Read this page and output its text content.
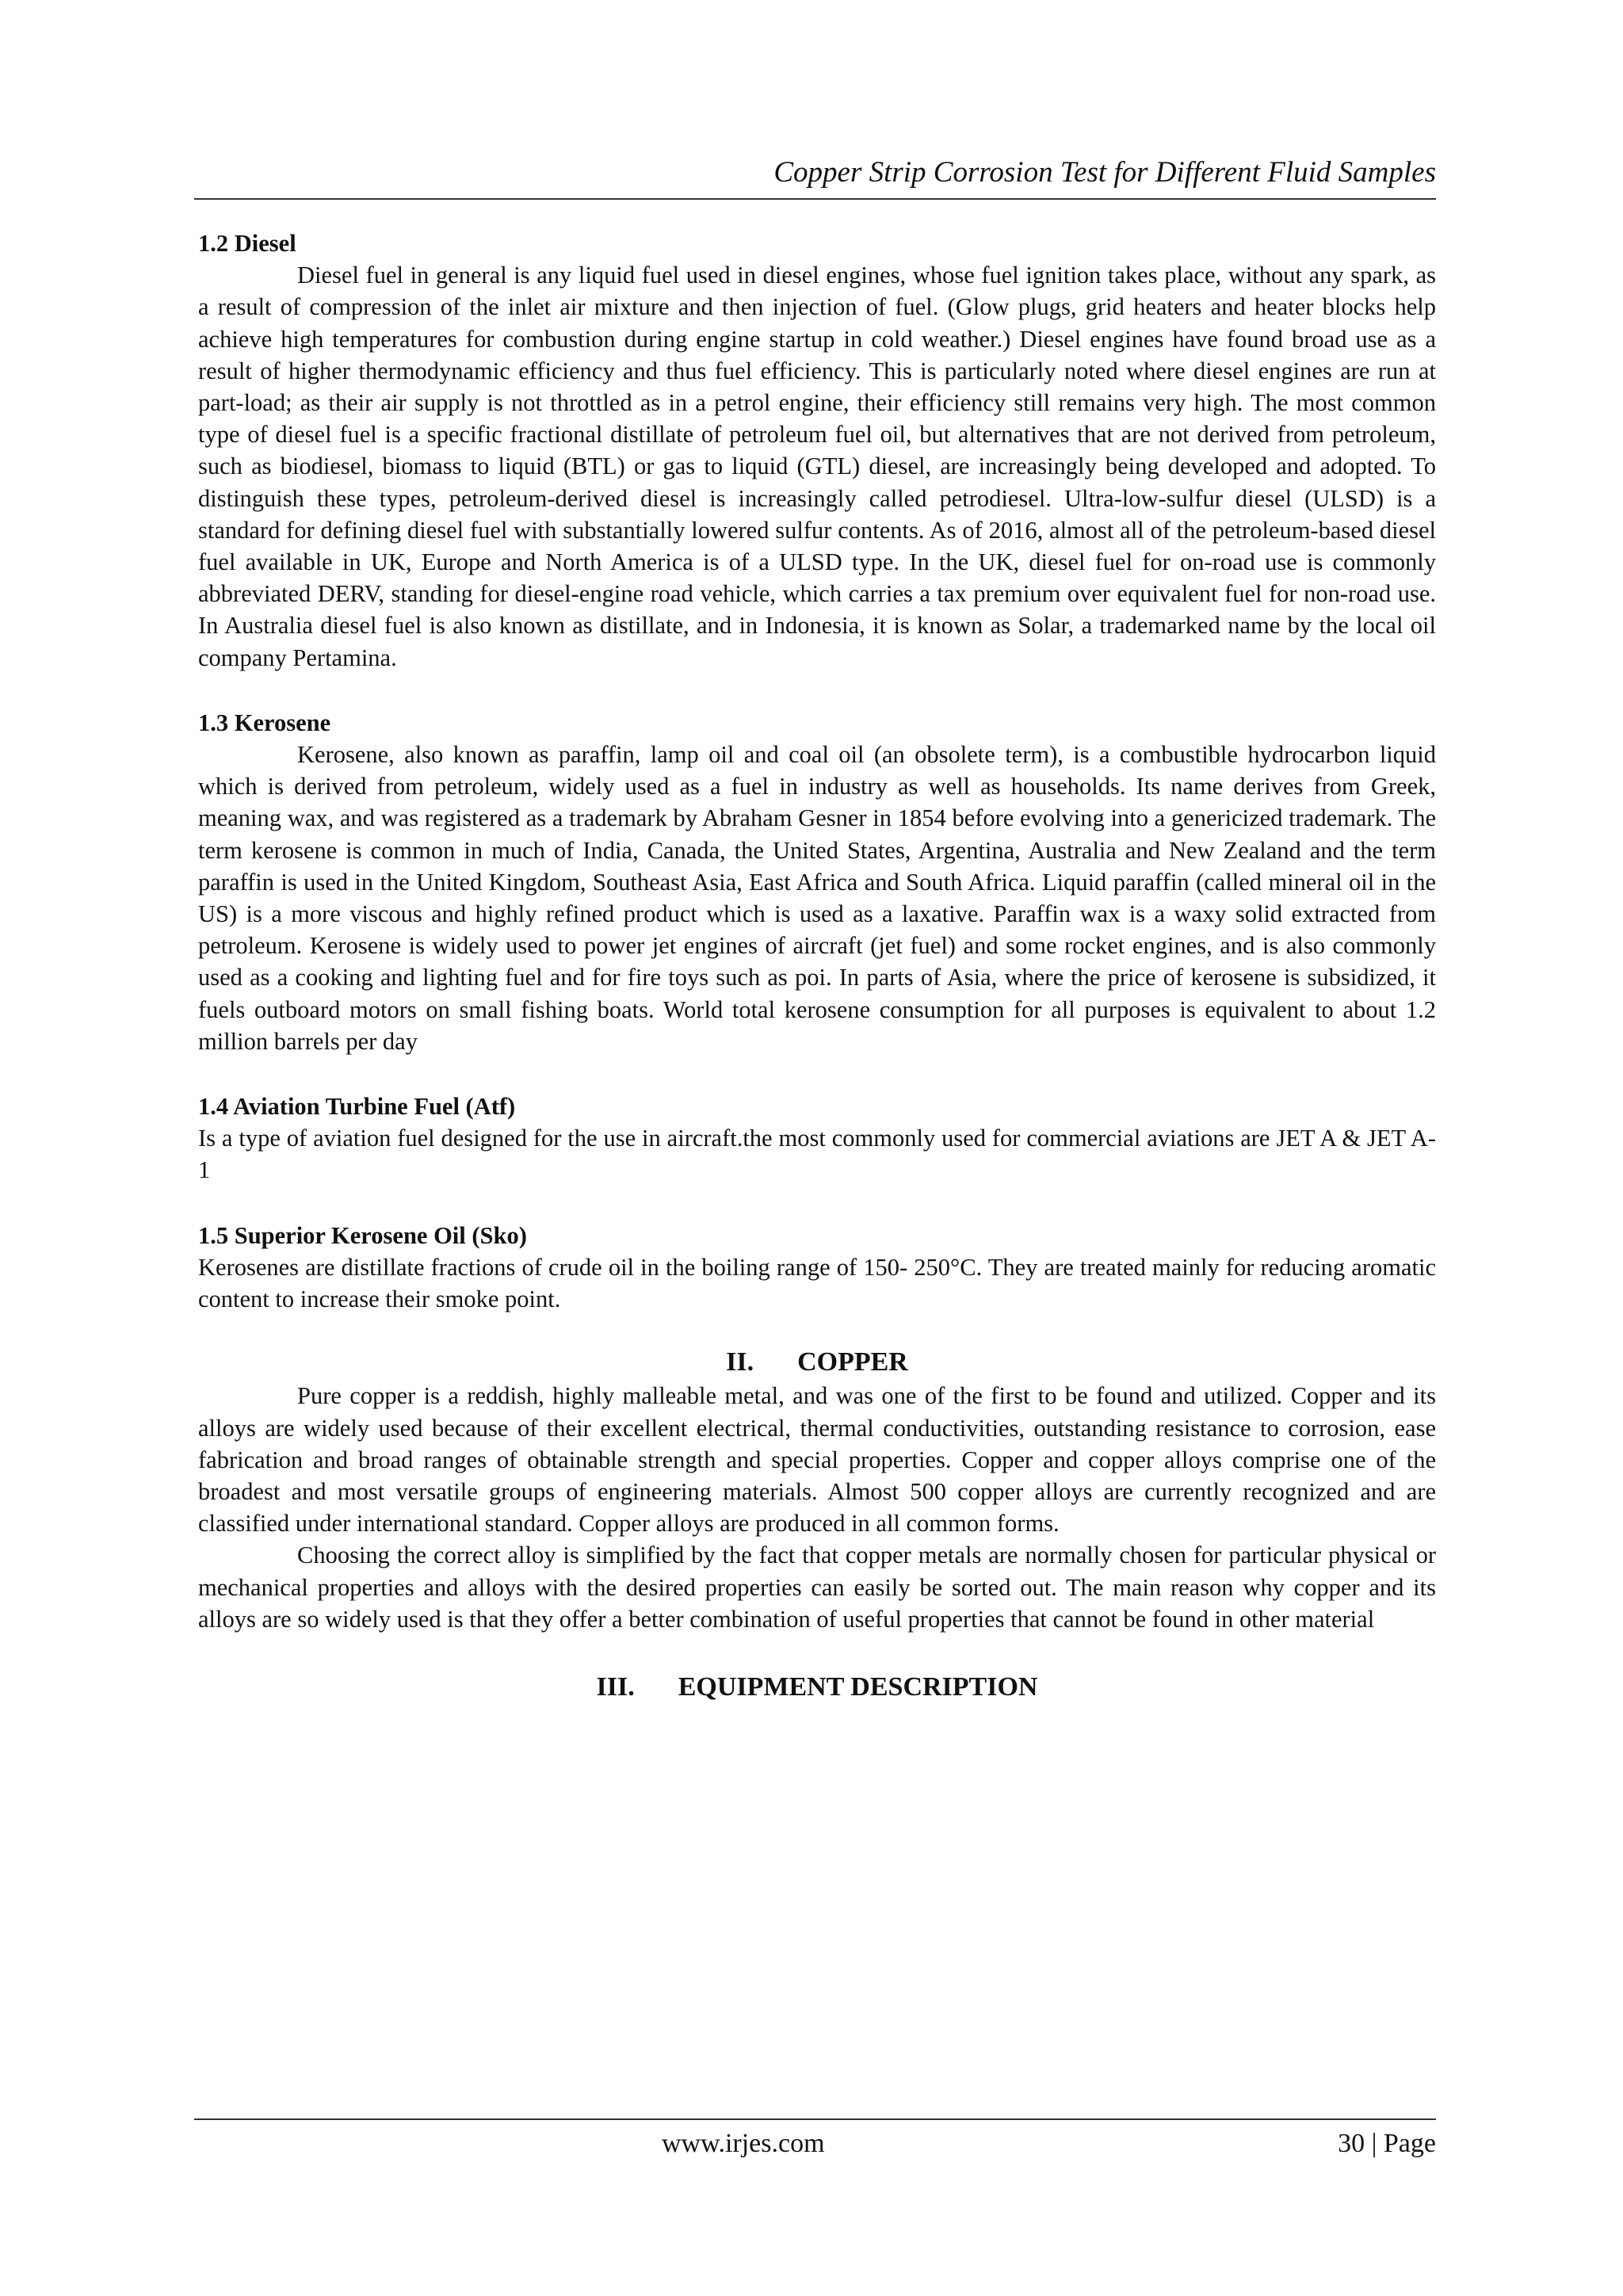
Copper Strip Corrosion Test for Different Fluid Samples
1.2 Diesel

Diesel fuel in general is any liquid fuel used in diesel engines, whose fuel ignition takes place, without any spark, as a result of compression of the inlet air mixture and then injection of fuel. (Glow plugs, grid heaters and heater blocks help achieve high temperatures for combustion during engine startup in cold weather.) Diesel engines have found broad use as a result of higher thermodynamic efficiency and thus fuel efficiency. This is particularly noted where diesel engines are run at part-load; as their air supply is not throttled as in a petrol engine, their efficiency still remains very high. The most common type of diesel fuel is a specific fractional distillate of petroleum fuel oil, but alternatives that are not derived from petroleum, such as biodiesel, biomass to liquid (BTL) or gas to liquid (GTL) diesel, are increasingly being developed and adopted. To distinguish these types, petroleum-derived diesel is increasingly called petrodiesel. Ultra-low-sulfur diesel (ULSD) is a standard for defining diesel fuel with substantially lowered sulfur contents. As of 2016, almost all of the petroleum-based diesel fuel available in UK, Europe and North America is of a ULSD type. In the UK, diesel fuel for on-road use is commonly abbreviated DERV, standing for diesel-engine road vehicle, which carries a tax premium over equivalent fuel for non-road use. In Australia diesel fuel is also known as distillate, and in Indonesia, it is known as Solar, a trademarked name by the local oil company Pertamina.

1.3 Kerosene

Kerosene, also known as paraffin, lamp oil and coal oil (an obsolete term), is a combustible hydrocarbon liquid which is derived from petroleum, widely used as a fuel in industry as well as households. Its name derives from Greek, meaning wax, and was registered as a trademark by Abraham Gesner in 1854 before evolving into a genericized trademark. The term kerosene is common in much of India, Canada, the United States, Argentina, Australia and New Zealand and the term paraffin is used in the United Kingdom, Southeast Asia, East Africa and South Africa. Liquid paraffin (called mineral oil in the US) is a more viscous and highly refined product which is used as a laxative. Paraffin wax is a waxy solid extracted from petroleum. Kerosene is widely used to power jet engines of aircraft (jet fuel) and some rocket engines, and is also commonly used as a cooking and lighting fuel and for fire toys such as poi. In parts of Asia, where the price of kerosene is subsidized, it fuels outboard motors on small fishing boats. World total kerosene consumption for all purposes is equivalent to about 1.2 million barrels per day

1.4 Aviation Turbine Fuel (Atf)

Is a type of aviation fuel designed for the use in aircraft.the most commonly used for commercial aviations are JET A & JET A-1

1.5 Superior Kerosene Oil (Sko)

Kerosenes are distillate fractions of crude oil in the boiling range of 150- 250°C. They are treated mainly for reducing aromatic content to increase their smoke point.

II. COPPER

Pure copper is a reddish, highly malleable metal, and was one of the first to be found and utilized. Copper and its alloys are widely used because of their excellent electrical, thermal conductivities, outstanding resistance to corrosion, ease fabrication and broad ranges of obtainable strength and special properties. Copper and copper alloys comprise one of the broadest and most versatile groups of engineering materials. Almost 500 copper alloys are currently recognized and are classified under international standard. Copper alloys are produced in all common forms.

Choosing the correct alloy is simplified by the fact that copper metals are normally chosen for particular physical or mechanical properties and alloys with the desired properties can easily be sorted out. The main reason why copper and its alloys are so widely used is that they offer a better combination of useful properties that cannot be found in other material

III. EQUIPMENT DESCRIPTION
www.irjes.com	30 | Page
